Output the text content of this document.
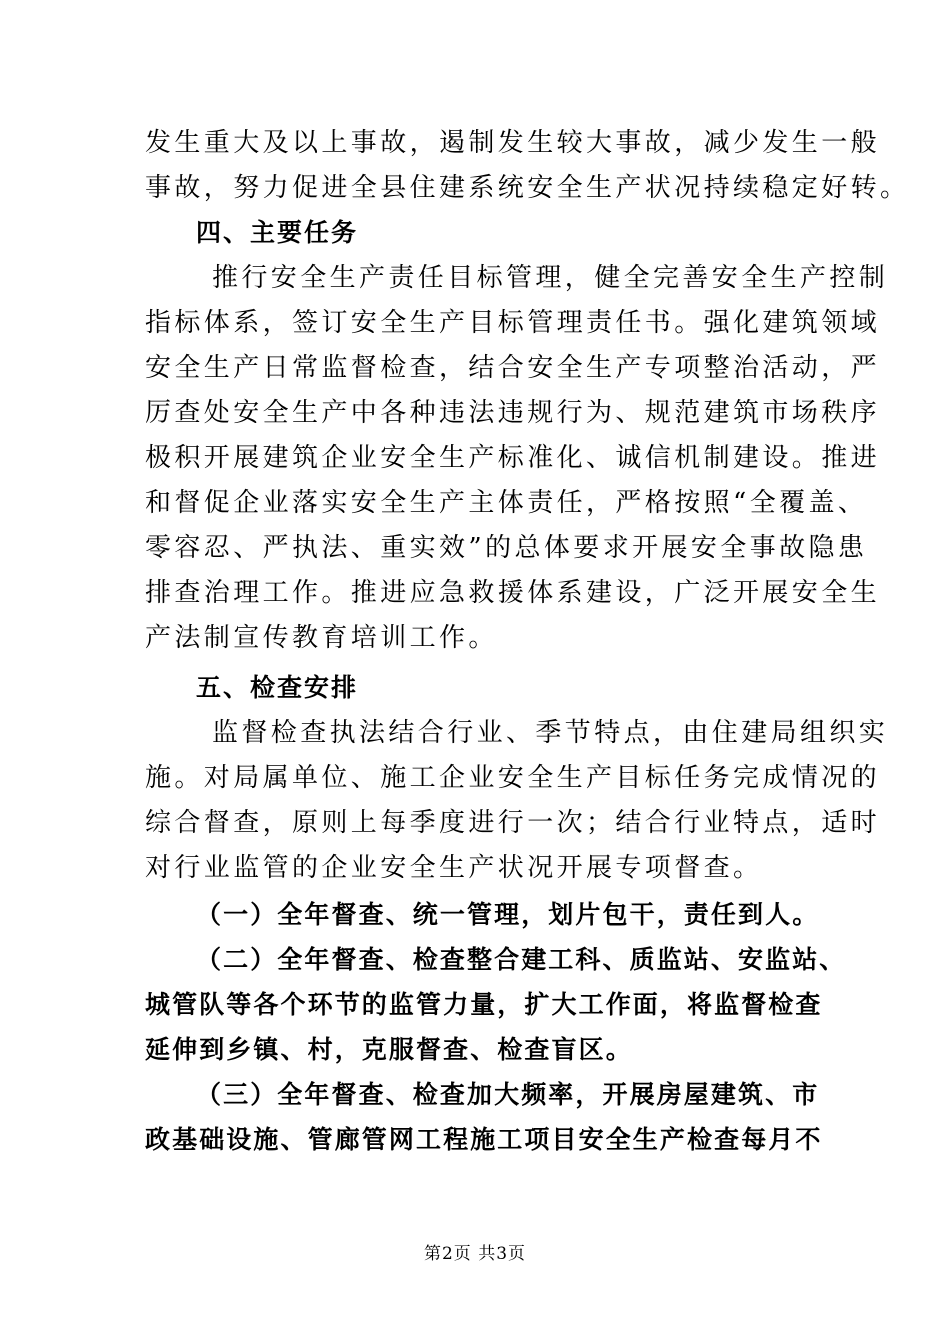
发生重大及以上事故，遏制发生较大事故，减少发生一般
事故，努力促进全县住建系统安全生产状况持续稳定好转。
四、主要任务
推行安全生产责任目标管理，健全完善安全生产控制
指标体系，签订安全生产目标管理责任书。强化建筑领域
安全生产日常监督检查，结合安全生产专项整治活动，严
厉查处安全生产中各种违法违规行为、规范建筑市场秩序
极积开展建筑企业安全生产标准化、诚信机制建设。推进
和督促企业落实安全生产主体责任，严格按照“全覆盖、
零容忍、严执法、重实效”的总体要求开展安全事故隐患
排查治理工作。推进应急救援体系建设，广泛开展安全生
产法制宣传教育培训工作。
五、检查安排
监督检查执法结合行业、季节特点，由住建局组织实
施。对局属单位、施工企业安全生产目标任务完成情况的
综合督查，原则上每季度进行一次；结合行业特点，适时
对行业监管的企业安全生产状况开展专项督查。
（一）全年督查、统一管理，划片包干，责任到人。
（二）全年督查、检查整合建工科、质监站、安监站、
城管队等各个环节的监管力量，扩大工作面，将监督检查
延伸到乡镇、村，克服督查、检查盲区。
（三）全年督查、检查加大频率，开展房屋建筑、市
政基础设施、管廊管网工程施工项目安全生产检查每月不
第2页 共3页
